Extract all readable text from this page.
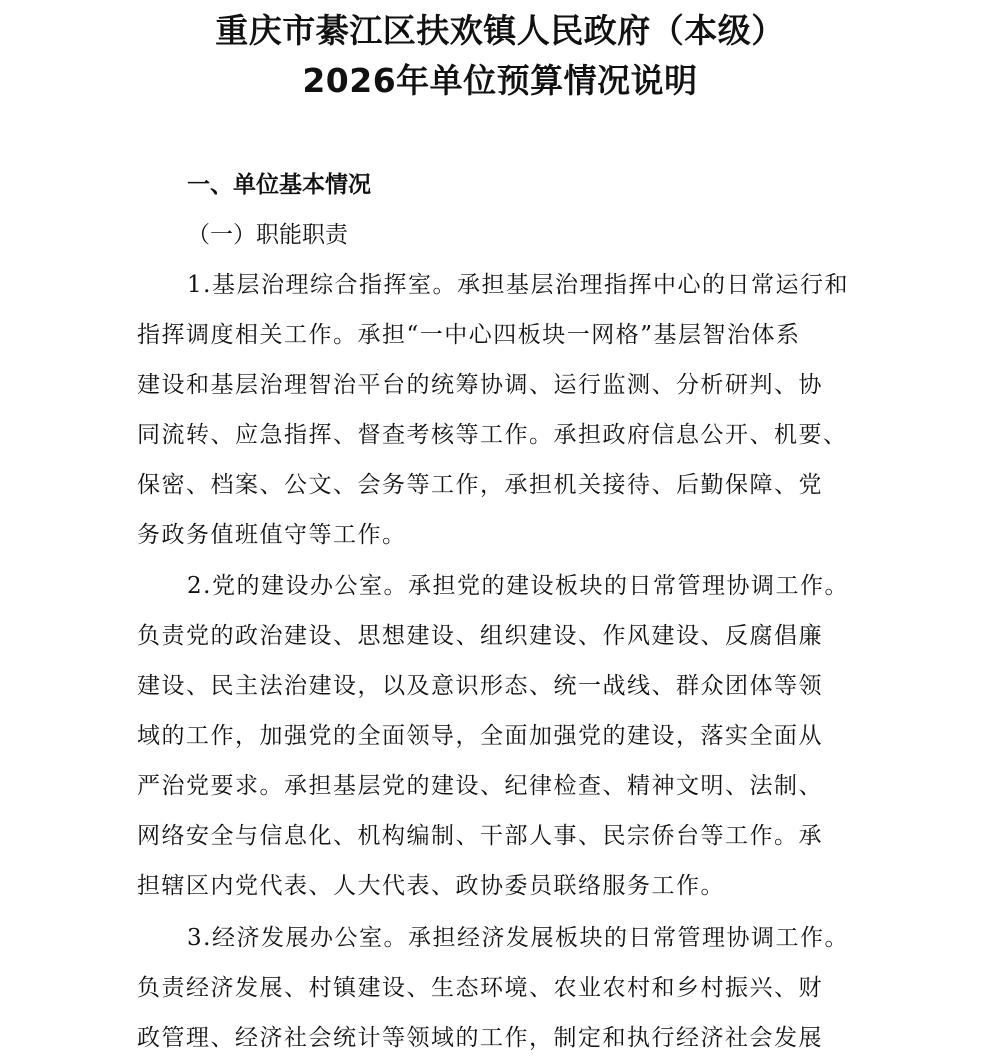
重庆市綦江区扶欢镇人民政府（本级）
2026年单位预算情况说明
一、单位基本情况
（一）职能职责
1.基层治理综合指挥室。承担基层治理指挥中心的日常运行和
指挥调度相关工作。承担“一中心四板块一网格”基层智治体系
建设和基层治理智治平台的统筹协调、运行监测、分析研判、协
同流转、应急指挥、督查考核等工作。承担政府信息公开、机要、
保密、档案、公文、会务等工作，承担机关接待、后勤保障、党
务政务值班值守等工作。
2.党的建设办公室。承担党的建设板块的日常管理协调工作。
负责党的政治建设、思想建设、组织建设、作风建设、反腐倡廉
建设、民主法治建设，以及意识形态、统一战线、群众团体等领
域的工作，加强党的全面领导，全面加强党的建设，落实全面从
严治党要求。承担基层党的建设、纪律检查、精神文明、法制、
网络安全与信息化、机构编制、干部人事、民宗侨台等工作。承
担辖区内党代表、人大代表、政协委员联络服务工作。
3.经济发展办公室。承担经济发展板块的日常管理协调工作。
负责经济发展、村镇建设、生态环境、农业农村和乡村振兴、财
政管理、经济社会统计等领域的工作，制定和执行经济社会发展
